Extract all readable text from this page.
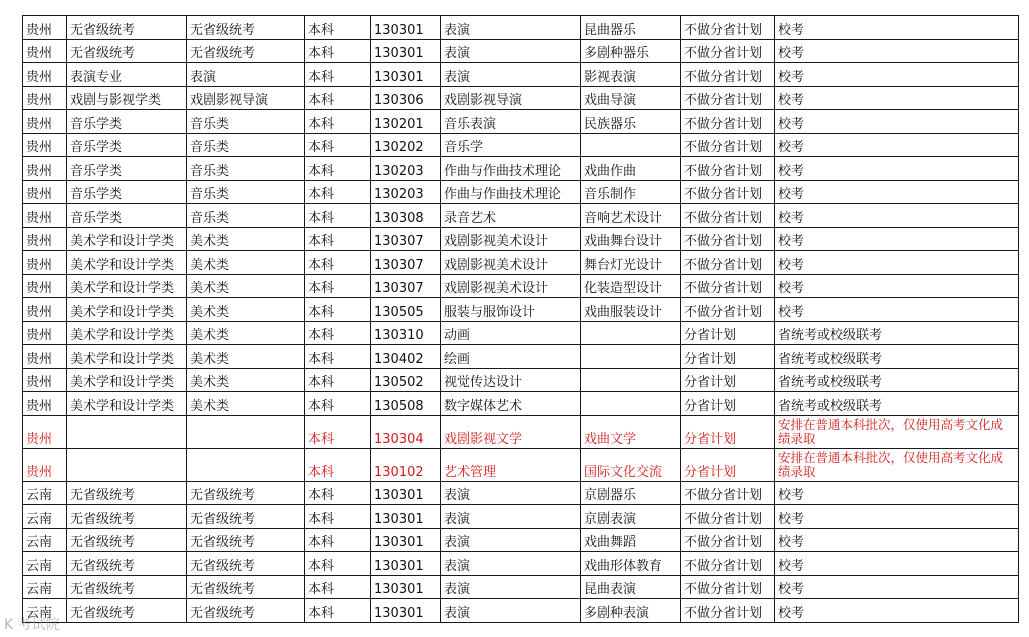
贵州	无省级统考	无省级统考	本科	130301	表演	昆曲器乐	不做分省计划	校考
贵州	无省级统考	无省级统考	本科	130301	表演	多剧种器乐	不做分省计划	校考
贵州	表演专业	表演	本科	130301	表演	影视表演	不做分省计划	校考
贵州	戏剧与影视学类	戏剧影视导演	本科	130306	戏剧影视导演	戏曲导演	不做分省计划	校考
贵州	音乐学类	音乐类	本科	130201	音乐表演	民族器乐	不做分省计划	校考
贵州	音乐学类	音乐类	本科	130202	音乐学		不做分省计划	校考
贵州	音乐学类	音乐类	本科	130203	作曲与作曲技术理论	戏曲作曲	不做分省计划	校考
贵州	音乐学类	音乐类	本科	130203	作曲与作曲技术理论	音乐制作	不做分省计划	校考
贵州	音乐学类	音乐类	本科	130308	录音艺术	音响艺术设计	不做分省计划	校考
贵州	美术学和设计学类	美术类	本科	130307	戏剧影视美术设计	戏曲舞台设计	不做分省计划	校考
贵州	美术学和设计学类	美术类	本科	130307	戏剧影视美术设计	舞台灯光设计	不做分省计划	校考
贵州	美术学和设计学类	美术类	本科	130307	戏剧影视美术设计	化装造型设计	不做分省计划	校考
贵州	美术学和设计学类	美术类	本科	130505	服装与服饰设计	戏曲服装设计	不做分省计划	校考
贵州	美术学和设计学类	美术类	本科	130310	动画		分省计划	省统考或校级联考
贵州	美术学和设计学类	美术类	本科	130402	绘画		分省计划	省统考或校级联考
贵州	美术学和设计学类	美术类	本科	130502	视觉传达设计		分省计划	省统考或校级联考
贵州	美术学和设计学类	美术类	本科	130508	数字媒体艺术		分省计划	省统考或校级联考
贵州			本科	130304	戏剧影视文学	戏曲文学	分省计划	安排在普通本科批次，仅使用高考文化成绩录取
贵州			本科	130102	艺术管理	国际文化交流	分省计划	安排在普通本科批次，仅使用高考文化成绩录取
云南	无省级统考	无省级统考	本科	130301	表演	京剧器乐	不做分省计划	校考
云南	无省级统考	无省级统考	本科	130301	表演	京剧表演	不做分省计划	校考
云南	无省级统考	无省级统考	本科	130301	表演	戏曲舞蹈	不做分省计划	校考
云南	无省级统考	无省级统考	本科	130301	表演	戏曲形体教育	不做分省计划	校考
云南	无省级统考	无省级统考	本科	130301	表演	昆曲表演	不做分省计划	校考
云南	无省级统考	无省级统考	本科	130301	表演	多剧种表演	不做分省计划	校考
K 考试院
